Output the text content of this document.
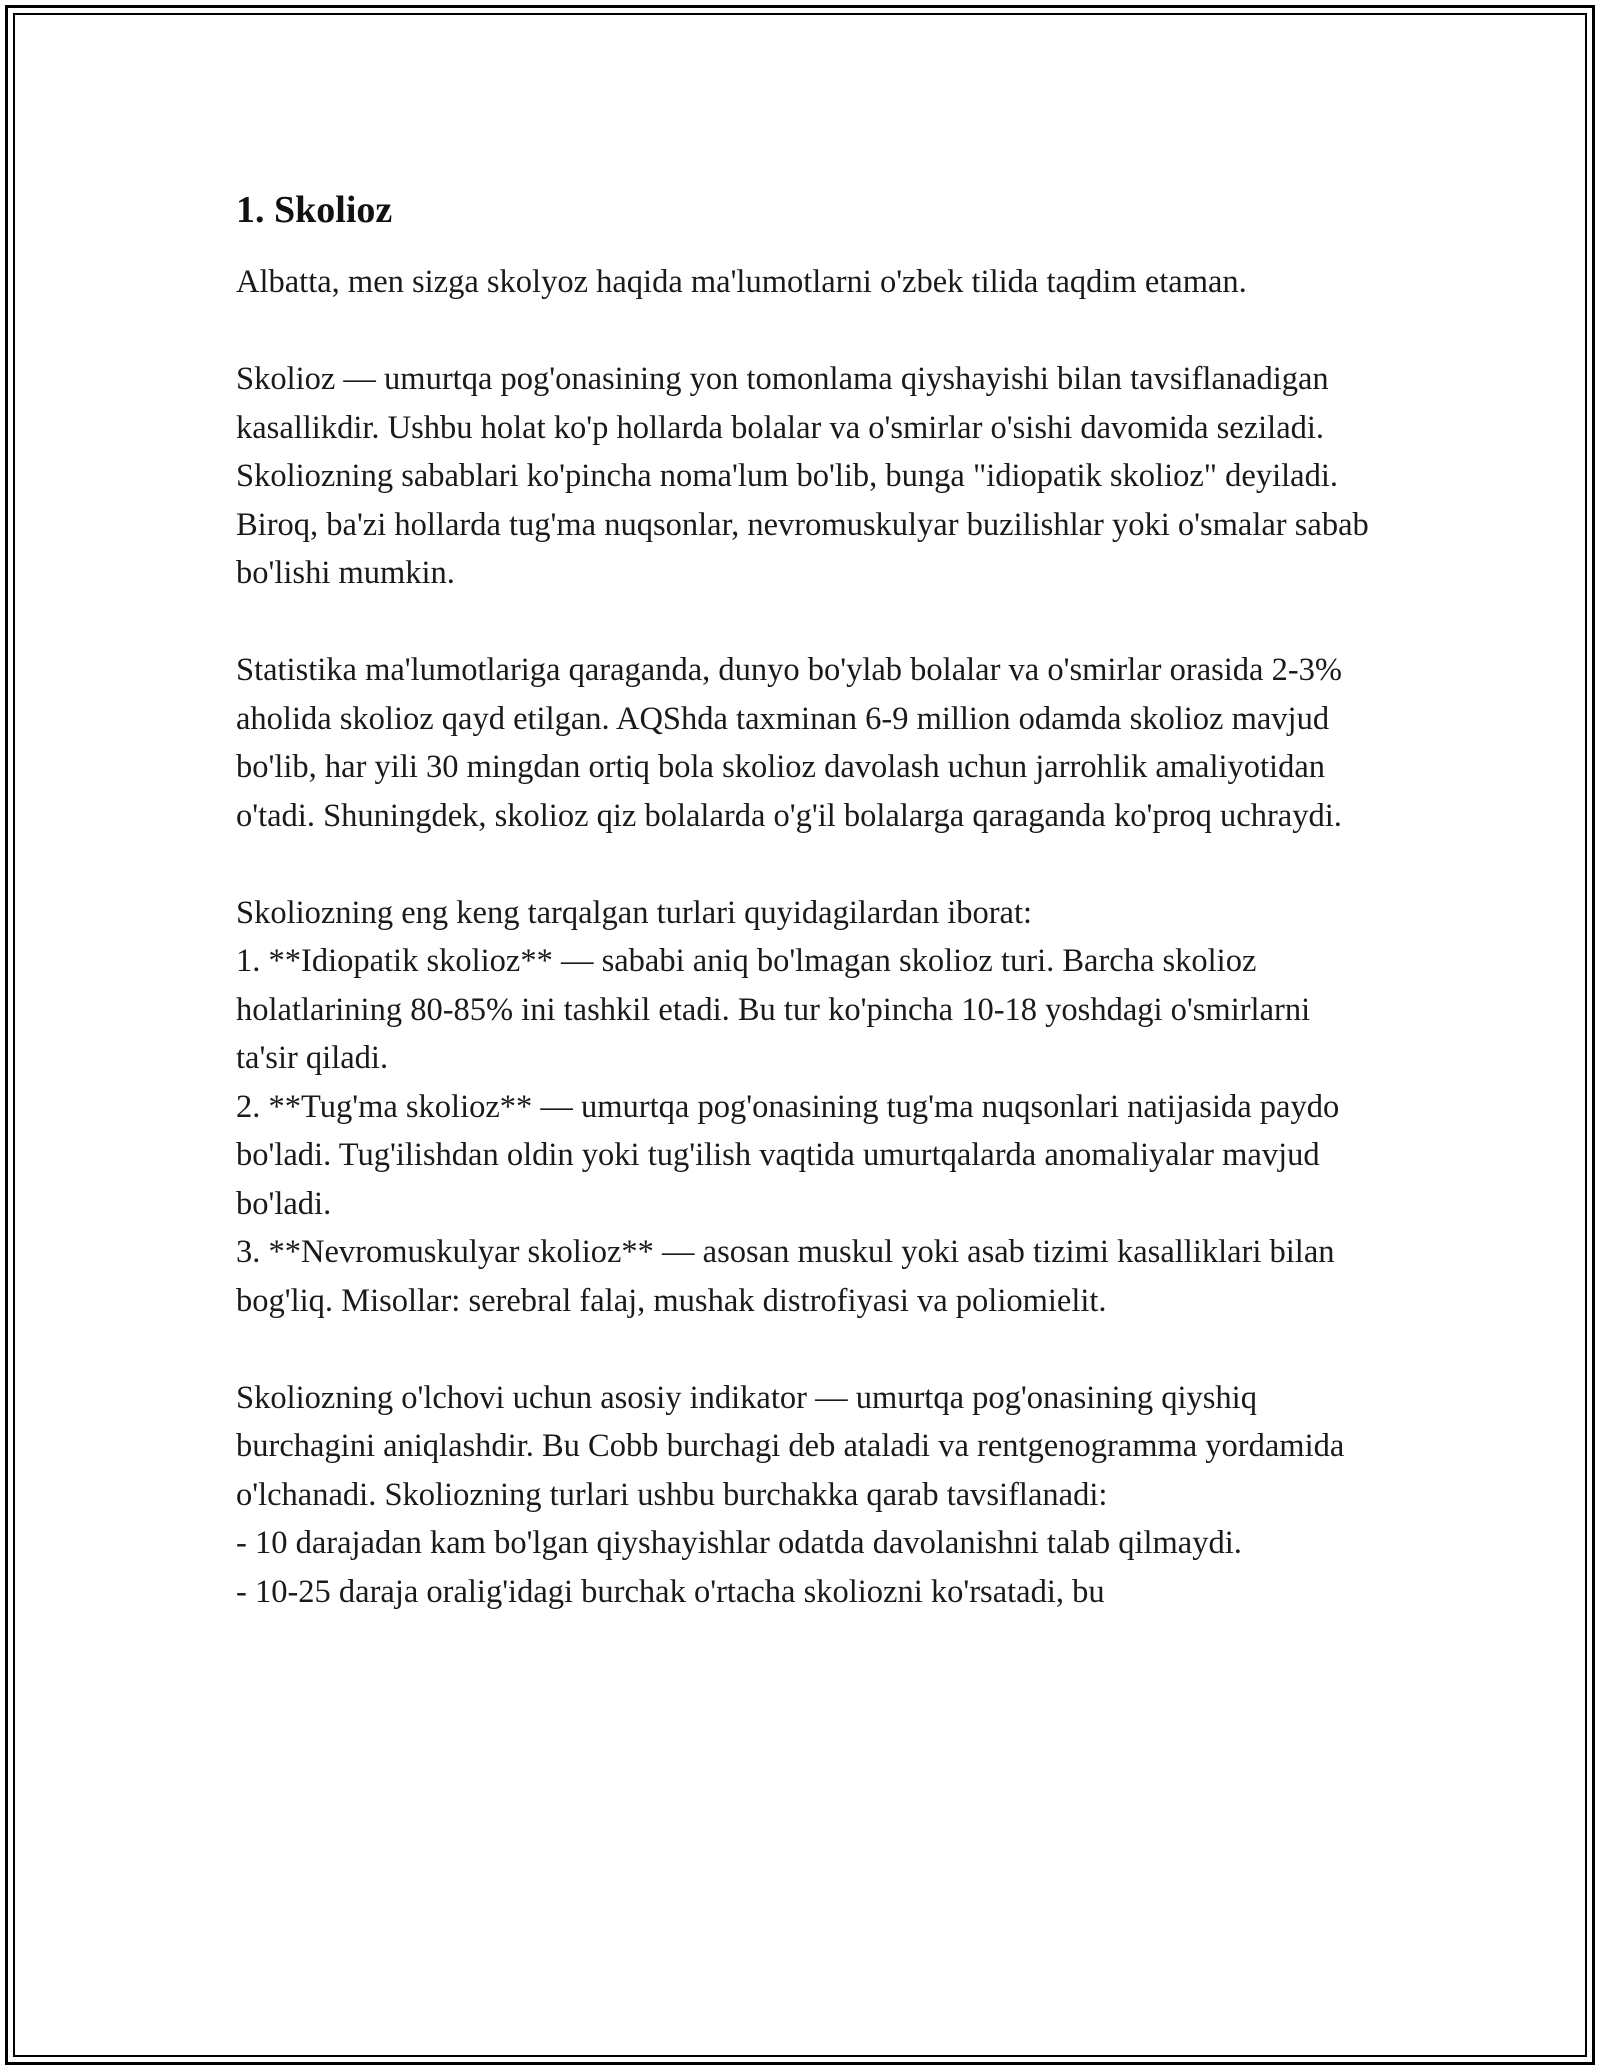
1. Skolioz

Albatta, men sizga skolyoz haqida ma'lumotlarni o'zbek tilida taqdim etaman.

Skolioz — umurtqa pog'onasining yon tomonlama qiyshayishi bilan tavsiflanadigan kasallikdir. Ushbu holat ko'p hollarda bolalar va o'smirlar o'sishi davomida seziladi. Skoliozning sabablari ko'pincha noma'lum bo'lib, bunga "idiopatik skolioz" deyiladi. Biroq, ba'zi hollarda tug'ma nuqsonlar, nevromuskulyar buzilishlar yoki o'smalar sabab bo'lishi mumkin.

Statistika ma'lumotlariga qaraganda, dunyo bo'ylab bolalar va o'smirlar orasida 2-3% aholida skolioz qayd etilgan. AQShda taxminan 6-9 million odamda skolioz mavjud bo'lib, har yili 30 mingdan ortiq bola skolioz davolash uchun jarrohlik amaliyotidan o'tadi. Shuningdek, skolioz qiz bolalarda o'g'il bolalarga qaraganda ko'proq uchraydi.

Skoliozning eng keng tarqalgan turlari quyidagilardan iborat:
1. **Idiopatik skolioz** — sababi aniq bo'lmagan skolioz turi. Barcha skolioz holatlarining 80-85% ini tashkil etadi. Bu tur ko'pincha 10-18 yoshdagi o'smirlarni ta'sir qiladi.
2. **Tug'ma skolioz** — umurtqa pog'onasining tug'ma nuqsonlari natijasida paydo bo'ladi. Tug'ilishdan oldin yoki tug'ilish vaqtida umurtqalarda anomaliyalar mavjud bo'ladi.
3. **Nevromuskulyar skolioz** — asosan muskul yoki asab tizimi kasalliklari bilan bog'liq. Misollar: serebral falaj, mushak distrofiyasi va poliomielit.

Skoliozning o'lchovi uchun asosiy indikator — umurtqa pog'onasining qiyshiq burchagini aniqlashdir. Bu Cobb burchagi deb ataladi va rentgenogramma yordamida o'lchanadi. Skoliozning turlari ushbu burchakka qarab tavsiflanadi:
- 10 darajadan kam bo'lgan qiyshayishlar odatda davolanishni talab qilmaydi.
- 10-25 daraja oralig'idagi burchak o'rtacha skoliozni ko'rsatadi, bu
